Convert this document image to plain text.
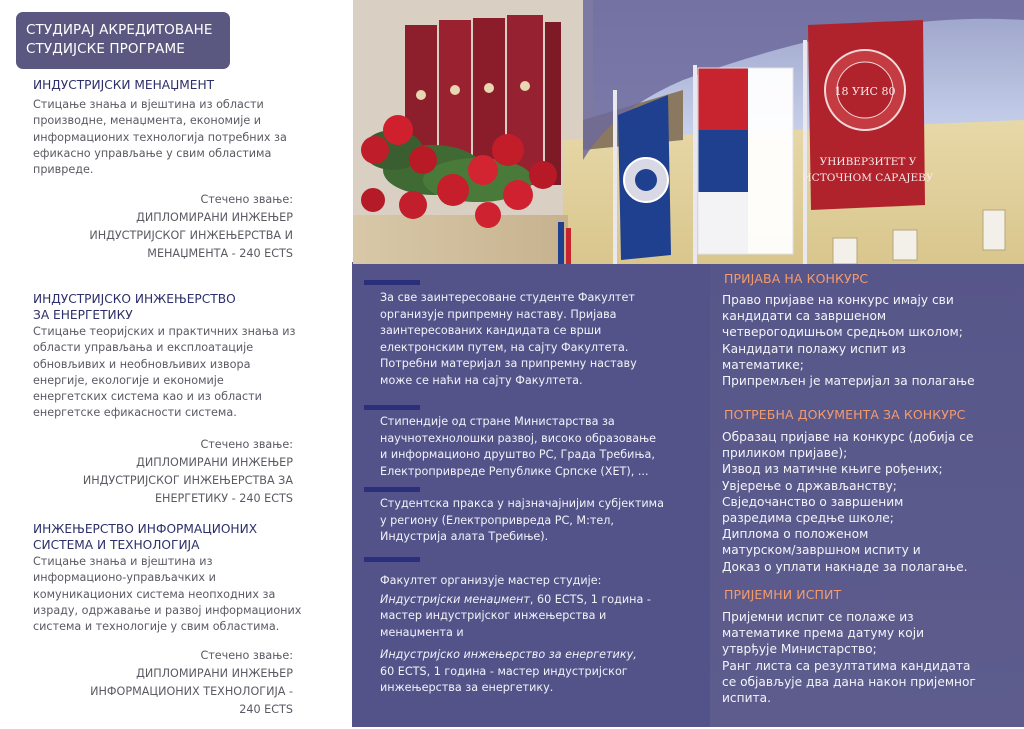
СТУДИРАЈ АКРЕДИТОВАНЕ
СТУДИЈСКЕ ПРОГРАМЕ
ИНДУСТРИЈСКИ МЕНАЏМЕНТ
Стицање знања и вјештина из области
производне, менаџмента, економије и
информационих технологија потребних за
ефикасно управљање у свим областима
привреде.
Стечено звање:
ДИПЛОМИРАНИ ИНЖЕЊЕР
ИНДУСТРИЈСКОГ ИНЖЕЊЕРСТВА И
МЕНАЏМЕНТА - 240 ECTS
ИНДУСТРИЈСКО ИНЖЕЊЕРСТВО
ЗА ЕНЕРГЕТИКУ
Стицање теоријских и практичних знања из
области управљања и експлоатације
обновљивих и необновљивих извора
енергије, екологије и економије
енергетских система као и из области
енергетске ефикасности система.
Стечено звање:
ДИПЛОМИРАНИ ИНЖЕЊЕР
ИНДУСТРИЈСКОГ ИНЖЕЊЕРСТВА ЗА
ЕНЕРГЕТИКУ - 240 ECTS
ИНЖЕЊЕРСТВО ИНФОРМАЦИОНИХ
СИСТЕМА И ТЕХНОЛОГИЈА
Стицање знања и вјештина из
информационо-управљачких и
комуникационих система неопходних за
израду, одржавање и развој информационих
система и технологије у свим областима.
Стечено звање:
ДИПЛОМИРАНИ ИНЖЕЊЕР
ИНФОРМАЦИОНИХ ТЕХНОЛОГИЈА -
240 ECTS
18 УИС 80
УНИВЕРЗИТЕТ У
ИСТОЧНОМ САРАЈЕВУ
За све заинтересоване студенте Факултет
организује припремну наставу. Пријава
заинтересованих кандидата се врши
електронским путем, на сајту Факултета.
Потребни материјал за припремну наставу
може се наћи на сајту Факултета.
Стипендије од стране Министарства за
научнотехнолошки развој, високо образовање
и информационо друштво РС, Града Требиња,
Електропривреде Републике Српске (ХЕТ), ...
Студентска пракса у најзначајнијим субјектима
у региону (Електропривреда РС, М:тел,
Индустрија алата Требиње).
Факултет организује мастер студије:
Индустријски менаџмент, 60 ECTS, 1 година -
мастер индустријског инжењерства и
менаџмента и
Индустријско инжењерство за енергетику,
60 ECTS, 1 година - мастер индустријског
инжењерства за енергетику.
ПРИЈАВА НА КОНКУРС
Право пријаве на конкурс имају сви
кандидати са завршеном
четверогодишњом средњом школом;
Кандидати полажу испит из
математике;
Припремљен је материјал за полагање
ПОТРЕБНА ДОКУМЕНТА ЗА КОНКУРС
Образац пријаве на конкурс (добија се
приликом пријаве);
Извод из матичне књиге рођених;
Увјерење о држављанству;
Свједочанство о завршеним
разредима средње школе;
Диплома о положеном
матурском/завршном испиту и
Доказ о уплати накнаде за полагање.
ПРИЈЕМНИ ИСПИТ
Пријемни испит се полаже из
математике према датуму који
утврђује Министарство;
Ранг листа са резултатима кандидата
се објављује два дана након пријемног
испита.
